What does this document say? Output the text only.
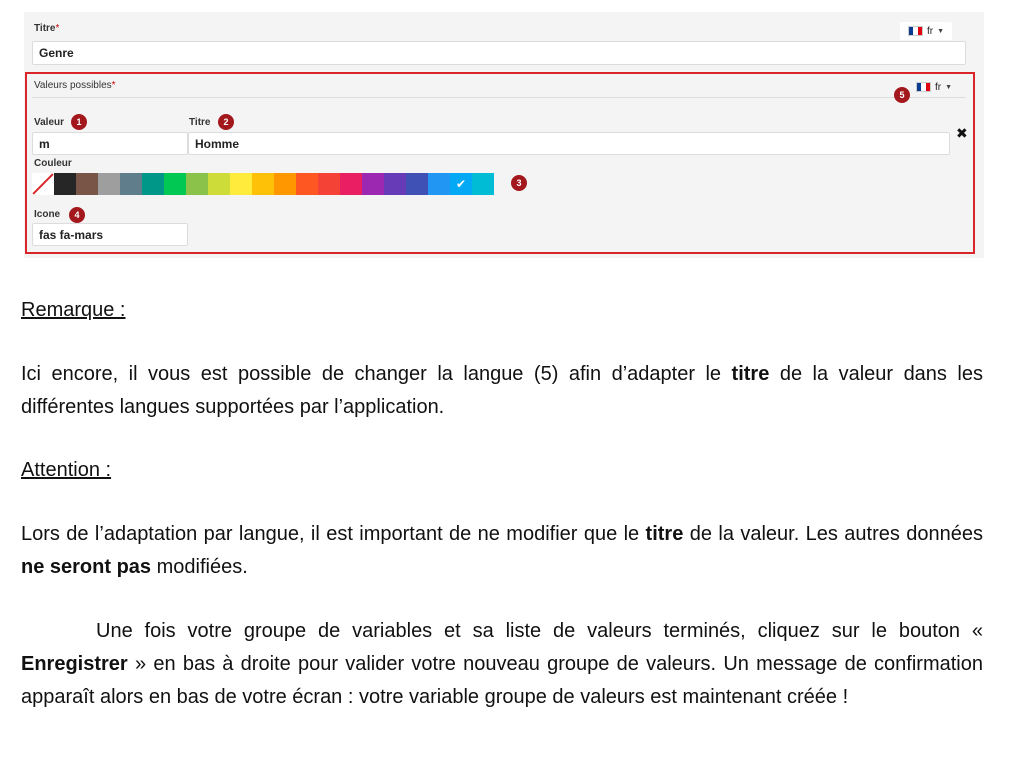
Titre*	fr ▼
Genre
Valeurs possibles*	fr ▼
5
Valeur	1
m
Titre	2
Homme
✖
Couleur
✔	3
Icone	4
fas fa-mars
Remarque :
Ici encore, il vous est possible de changer la langue (5) afin d’adapter le titre de la valeur dans les différentes langues supportées par l’application.
Attention :
Lors de l’adaptation par langue, il est important de ne modifier que le titre de la valeur. Les autres données ne seront pas modifiées.
Une fois votre groupe de variables et sa liste de valeurs terminés, cliquez sur le bouton « Enregistrer » en bas à droite pour valider votre nouveau groupe de valeurs. Un message de confirmation apparaît alors en bas de votre écran : votre variable groupe de valeurs est maintenant créée !
